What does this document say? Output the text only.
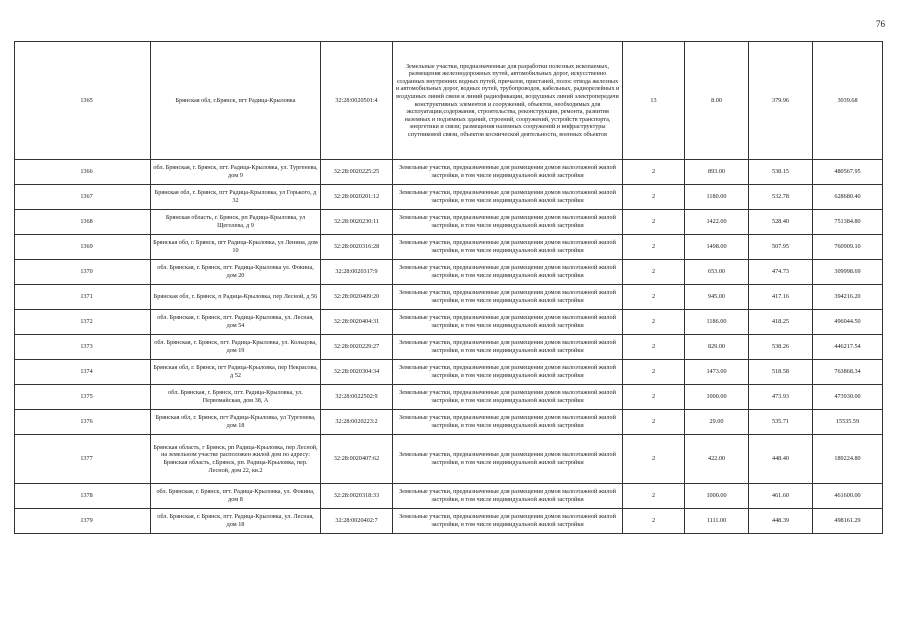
76
1365	Брянская обл, г.Брянск, пгт Радица-Крыловка	32:28:0020501:4	Земельные участки, предназначенные для разработки полезных ископаемых, размещения железнодорожных путей, автомобильных дорог, искусственно созданных внутренних водных путей, причалов, пристаней, полос отвода железных и автомобильных дорог, водных путей, трубопроводов, кабельных, радиорелейных и воздушных линий связи и линий радиофикации, воздушных линий электропередачи конструктивных элементов и сооружений, объектов, необходимых для эксплуатации,содержания, строительства, реконструкции, ремонта, развития наземных и подземных зданий, строений, сооружений, устройств транспорта, энергетики и связи; размещения наземных сооружений и инфраструктуры спутниковой связи, объектов космической деятельности, военных объектов	13	8.00	379.96	3039.68
1366	обл. Брянская, г. Брянск, пгт. Радица-Крыловка, ул. Тургенева, дом 9	32:28:0020225:25	Земельные участки, предназначенные для размещения домов малоэтажной жилой застройки, в том числе индивидуальной жилой застройки	2	893.00	538.15	480567.95
1367	Брянская обл, г. Брянск, пгт Радица-Крыловка, ул Горького, д 32	32:28:0020201:12	Земельные участки, предназначенные для размещения домов малоэтажной жилой застройки, в том числе индивидуальной жилой застройки	2	1180.00	532.78	628680.40
1368	Брянская область, г. Брянск, рп Радица-Крыловка, ул Щеголева, д 9	32:28:0020230:11	Земельные участки, предназначенные для размещения домов малоэтажной жилой застройки, в том числе индивидуальной жилой застройки	2	1422.00	528.40	751384.80
1369	Брянская обл, г. Брянск, пгт Радица-Крыловка, ул Ленина, дом 10	32:28:0020316:28	Земельные участки, предназначенные для размещения домов малоэтажной жилой застройки, в том числе индивидуальной жилой застройки	2	1498.00	507.95	760909.10
1370	обл. Брянская, г. Брянск, пгт. Радица-Крыловка ул. Фокина, дом 20	32:28:0020317:9	Земельные участки, предназначенные для размещения домов малоэтажной жилой застройки, в том числе индивидуальной жилой застройки	2	653.00	474.73	309998.69
1371	Брянская обл, г. Брянск, п Радица-Крыловка, пер Лесной, д 56	32:28:0020409:20	Земельные участки, предназначенные для размещения домов малоэтажной жилой застройки, в том числе индивидуальной жилой застройки	2	945.00	417.16	394216.20
1372	обл. Брянская, г. Брянск, пгт. Радица-Крыловка, ул. Лесная, дом 54	32:28:0020404:31	Земельные участки, предназначенные для размещения домов малоэтажной жилой застройки, в том числе индивидуальной жилой застройки	2	1186.00	418.25	496044.50
1373	обл. Брянская, г. Брянск, пгт. Радица-Крыловка, ул. Кольцова, дом 19	32:28:0020229:27	Земельные участки, предназначенные для размещения домов малоэтажной жилой застройки, в том числе индивидуальной жилой застройки	2	829.00	538.26	446217.54
1374	Брянская обл, г. Брянск, пгт Радица-Крыловка, пер Некрасова, д 52	32:28:0020304:34	Земельные участки, предназначенные для размещения домов малоэтажной жилой застройки, в том числе индивидуальной жилой застройки	2	1473.00	518.58	763868.34
1375	обл. Брянская, г. Брянск, пгт. Радица-Крыловка, ул. Первомайская, дом 38, А	32:28:0022502:9	Земельные участки, предназначенные для размещения домов малоэтажной жилой застройки, в том числе индивидуальной жилой застройки	2	1000.00	473.93	473930.00
1376	Брянская обл, г. Брянск, пгт Радица-Крыловка, ул Тургенева, дом 18	32:28:0020223:2	Земельные участки, предназначенные для размещения домов малоэтажной жилой застройки, в том числе индивидуальной жилой застройки	2	29.00	535.71	15535.59
1377	Брянская область, г Брянск, рп Радица-Крыловка, пер Лесной, на земельном участке расположен жилой дом по адресу: Брянская область, г.Брянск, рп. Радица-Крыловка, пер. Лесной, дом 22, кв.2	32:28:0020407:62	Земельные участки, предназначенные для размещения домов малоэтажной жилой застройки, в том числе индивидуальной жилой застройки	2	422.00	448.40	189224.80
1378	обл. Брянская, г. Брянск, пгт. Радица-Крыловка, ул. Фокина, дом 8	32:28:0020318:33	Земельные участки, предназначенные для размещения домов малоэтажной жилой застройки, в том числе индивидуальной жилой застройки	2	1000.00	461.60	461600.00
1379	обл. Брянская, г. Брянск, пгт. Радица-Крыловка, ул. Лесная, дом 18	32:28:0020402:7	Земельные участки, предназначенные для размещения домов малоэтажной жилой застройки, в том числе индивидуальной жилой застройки	2	1111.00	448.39	498161.29
